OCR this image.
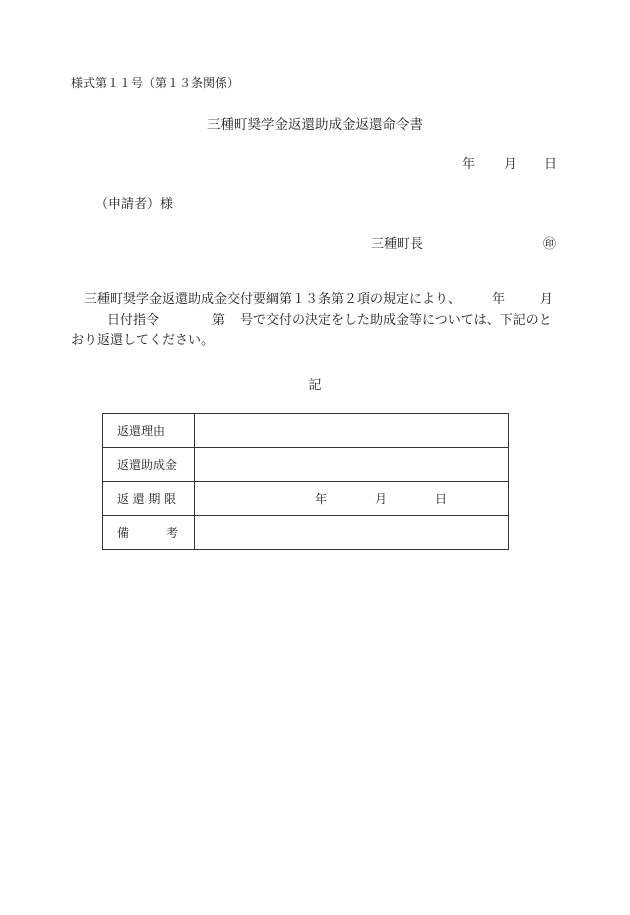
様式第１１号（第１３条関係）
三種町奨学金返還助成金返還命令書
年 月 日
（申請者）様
三種町長	㊞
三種町奨学金返還助成金交付要綱第１３条第２項の規定により、 年	月日付指令	第 号で交付の決定をした助成金等については、下記のとおり返還してください。
記
返還理由	

返還助成金	

返 還 期 限	年 月 日

備 考	
